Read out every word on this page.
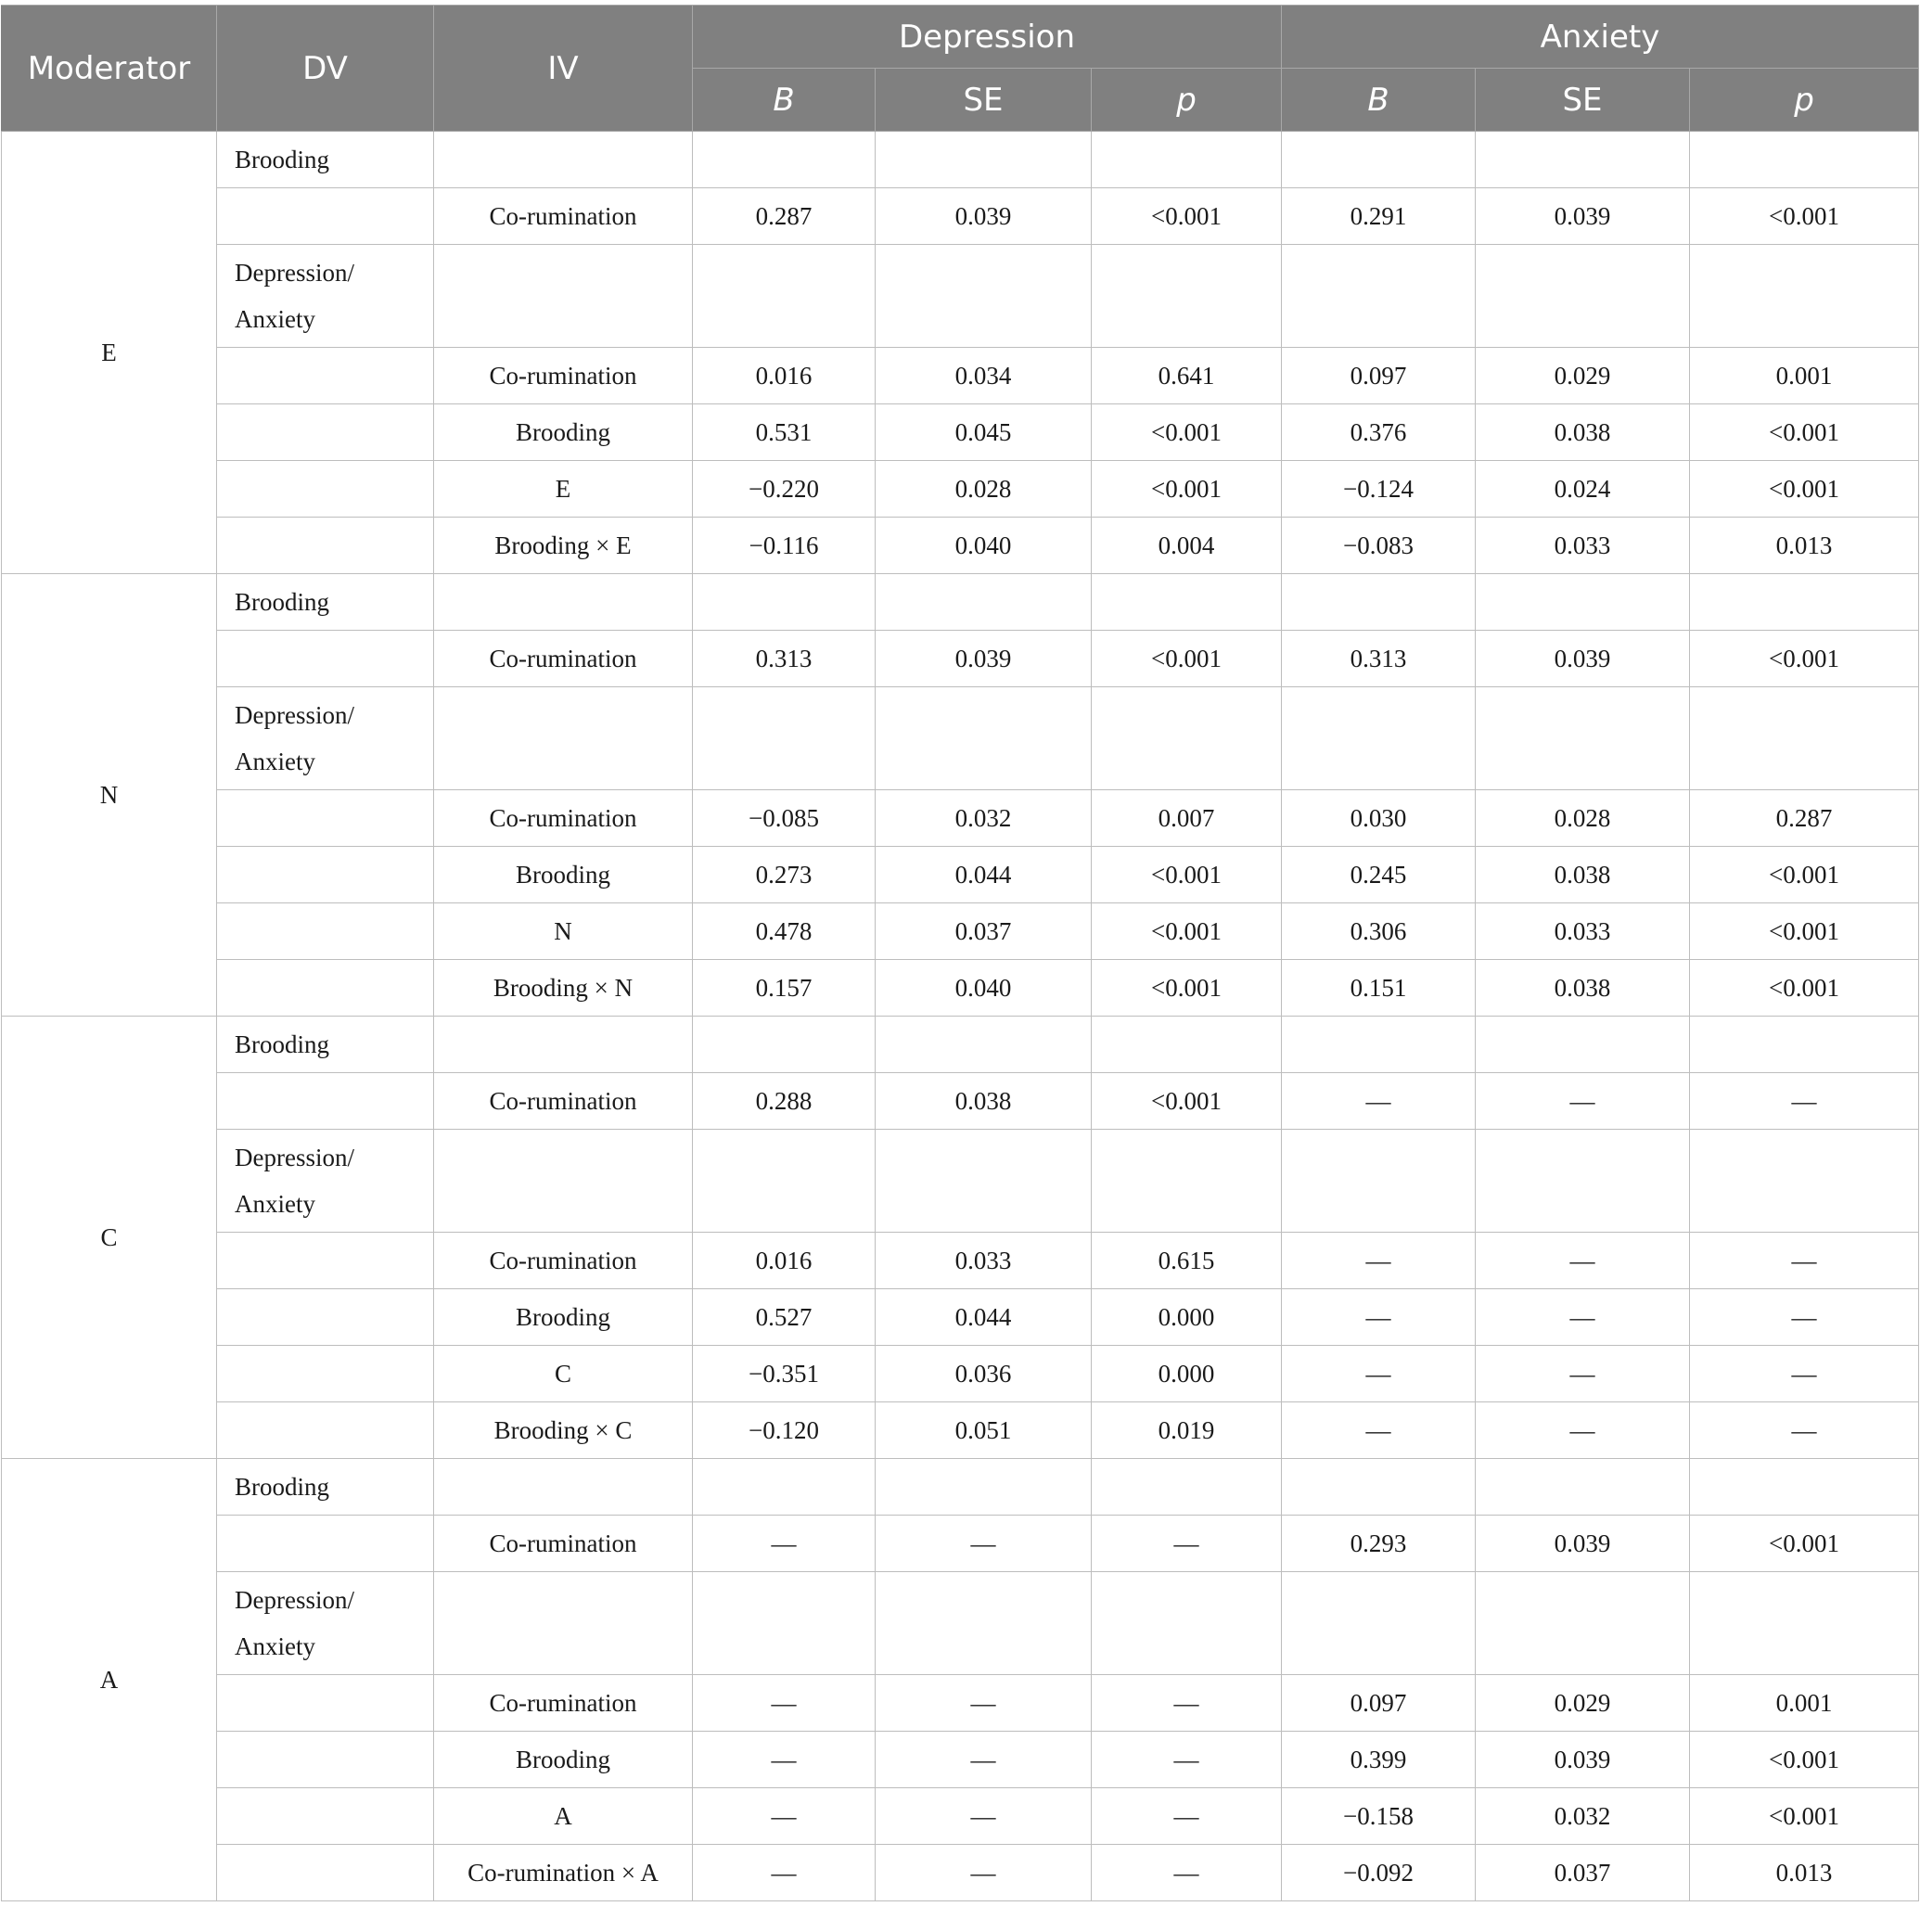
Moderator	DV	IV	Depression			Anxiety		
			B	SE	p	B	SE	p
E	Brooding							
		Co-rumination	0.287	0.039	<0.001	0.291	0.039	<0.001
	Depression/ Anxiety							
		Co-rumination	0.016	0.034	0.641	0.097	0.029	0.001
		Brooding	0.531	0.045	<0.001	0.376	0.038	<0.001
		E	−0.220	0.028	<0.001	−0.124	0.024	<0.001
		Brooding × E	−0.116	0.040	0.004	−0.083	0.033	0.013
N	Brooding							
		Co-rumination	0.313	0.039	<0.001	0.313	0.039	<0.001
	Depression/ Anxiety							
		Co-rumination	−0.085	0.032	0.007	0.030	0.028	0.287
		Brooding	0.273	0.044	<0.001	0.245	0.038	<0.001
		N	0.478	0.037	<0.001	0.306	0.033	<0.001
		Brooding × N	0.157	0.040	<0.001	0.151	0.038	<0.001
C	Brooding							
		Co-rumination	0.288	0.038	<0.001	—	—	—
	Depression/ Anxiety							
		Co-rumination	0.016	0.033	0.615	—	—	—
		Brooding	0.527	0.044	0.000	—	—	—
		C	−0.351	0.036	0.000	—	—	—
		Brooding × C	−0.120	0.051	0.019	—	—	—
A	Brooding							
		Co-rumination	—	—	—	0.293	0.039	<0.001
	Depression/ Anxiety							
		Co-rumination	—	—	—	0.097	0.029	0.001
		Brooding	—	—	—	0.399	0.039	<0.001
		A	—	—	—	−0.158	0.032	<0.001
		Co-rumination × A	—	—	—	−0.092	0.037	0.013
